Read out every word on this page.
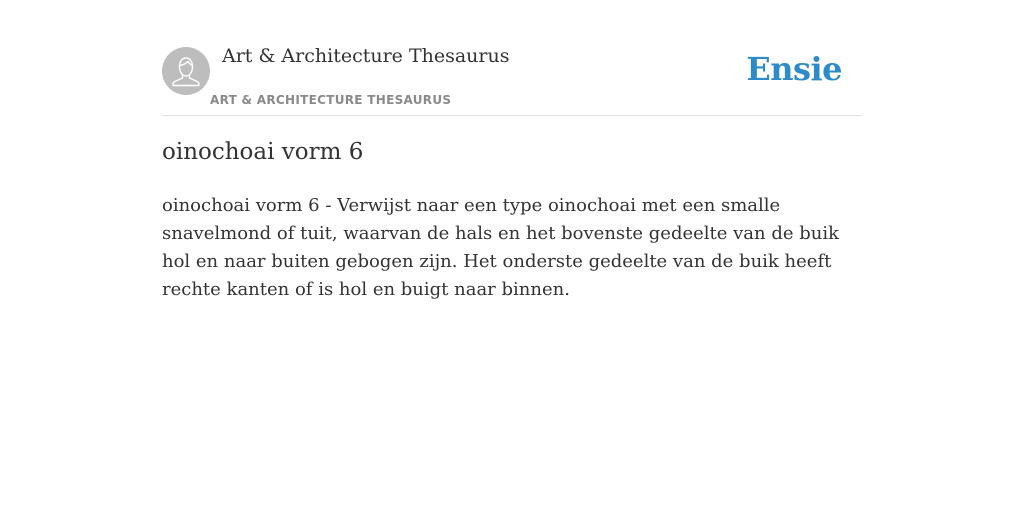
Art & Architecture Thesaurus
ART & ARCHITECTURE THESAURUS
Ensie
oinochoai vorm 6

oinochoai vorm 6 - Verwijst naar een type oinochoai met een smalle snavelmond of tuit, waarvan de hals en het bovenste gedeelte van de buik hol en naar buiten gebogen zijn. Het onderste gedeelte van de buik heeft rechte kanten of is hol en buigt naar binnen.
